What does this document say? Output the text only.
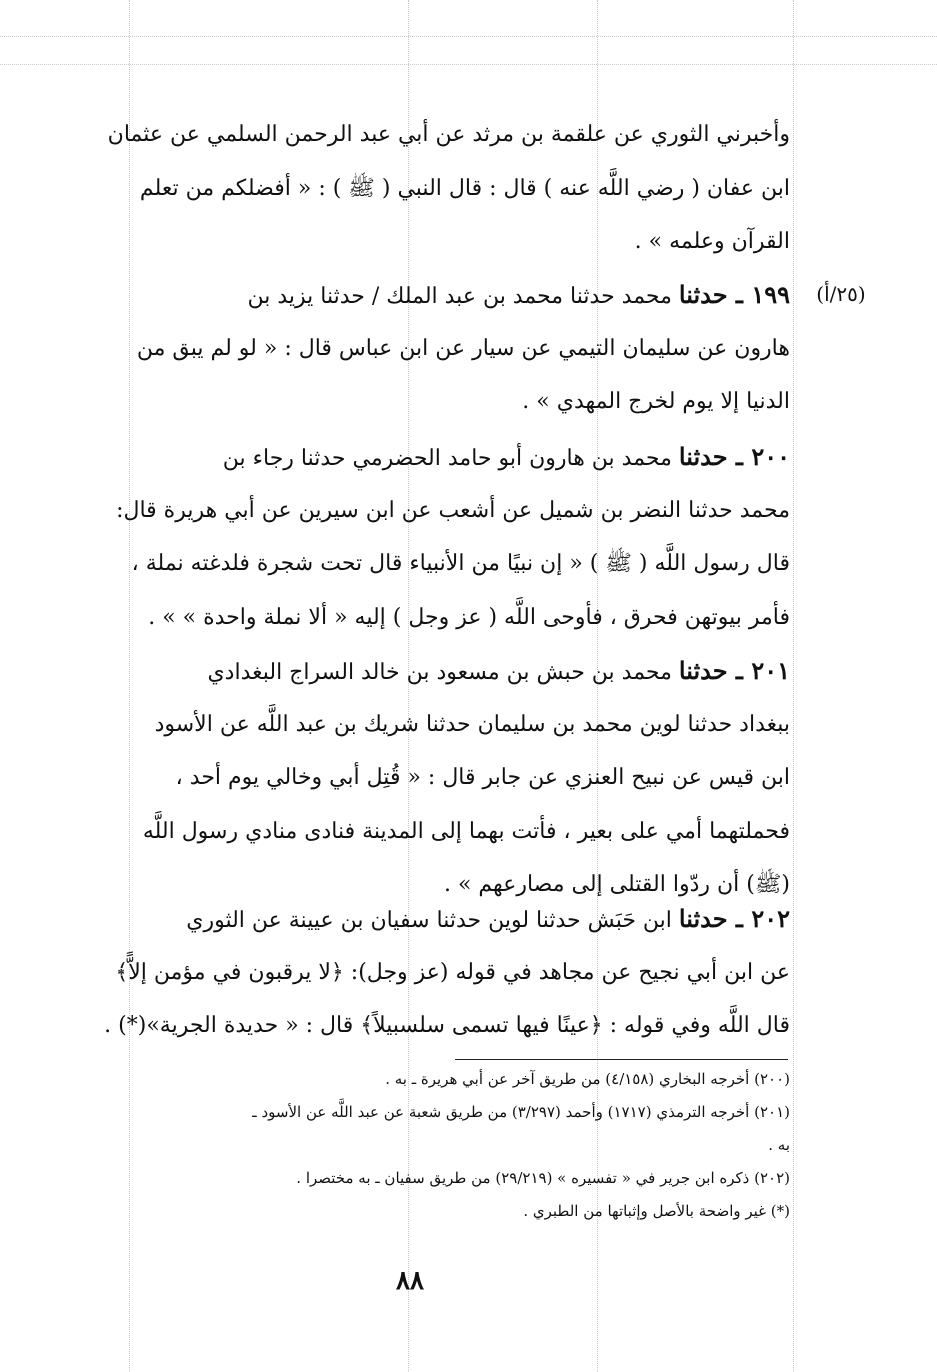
(٢٥/أ)
وأخبرني الثوري عن علقمة بن مرثد عن أبي عبد الرحمن السلمي عن عثمان
ابن عفان ( رضي اللَّه عنه ) قال : قال النبي ( ﷺ ) : « أفضلكم من تعلم
القرآن وعلمه » .
١٩٩ ـ حدثنا محمد حدثنا محمد بن عبد الملك / حدثنا يزيد بن
هارون عن سليمان التيمي عن سيار عن ابن عباس قال : « لو لم يبق من
الدنيا إلا يوم لخرج المهدي » .
٢٠٠ ـ حدثنا محمد بن هارون أبو حامد الحضرمي حدثنا رجاء بن
محمد حدثنا النضر بن شميل عن أشعب عن ابن سيرين عن أبي هريرة قال:
قال رسول اللَّه ( ﷺ ) « إن نبيًا من الأنبياء قال تحت شجرة فلدغته نملة ،
فأمر بيوتهن فحرق ، فأوحى اللَّه ( عز وجل ) إليه « ألا نملة واحدة » » .
٢٠١ ـ حدثنا محمد بن حبش بن مسعود بن خالد السراج البغدادي
ببغداد حدثنا لوين محمد بن سليمان حدثنا شريك بن عبد اللَّه عن الأسود
ابن قيس عن نبيح العنزي عن جابر قال : « قُتِل أبي وخالي يوم أحد ،
فحملتهما أمي على بعير ، فأتت بهما إلى المدينة فنادى منادي رسول اللَّه
(ﷺ) أن ردّوا القتلى إلى مصارعهم » .
٢٠٢ ـ حدثنا ابن حَبَش حدثنا لوين حدثنا سفيان بن عيينة عن الثوري
عن ابن أبي نجيح عن مجاهد في قوله (عز وجل): ﴿لا يرقبون في مؤمن إلاًّ﴾
قال اللَّه وفي قوله : ﴿عينًا فيها تسمى سلسبيلاً﴾ قال : « حديدة الجرية»(*) .
(٢٠٠) أخرجه البخاري (٤/١٥٨) من طريق آخر عن أبي هريرة ـ به .
(٢٠١) أخرجه الترمذي (١٧١٧) وأحمد (٣/٢٩٧) من طريق شعبة عن عبد اللَّه عن الأسود ـ
به .
(٢٠٢) ذكره ابن جرير في « تفسيره » (٢٩/٢١٩) من طريق سفيان ـ به مختصرا .
(*) غير واضحة بالأصل وإثباتها من الطبري .
٨٨
